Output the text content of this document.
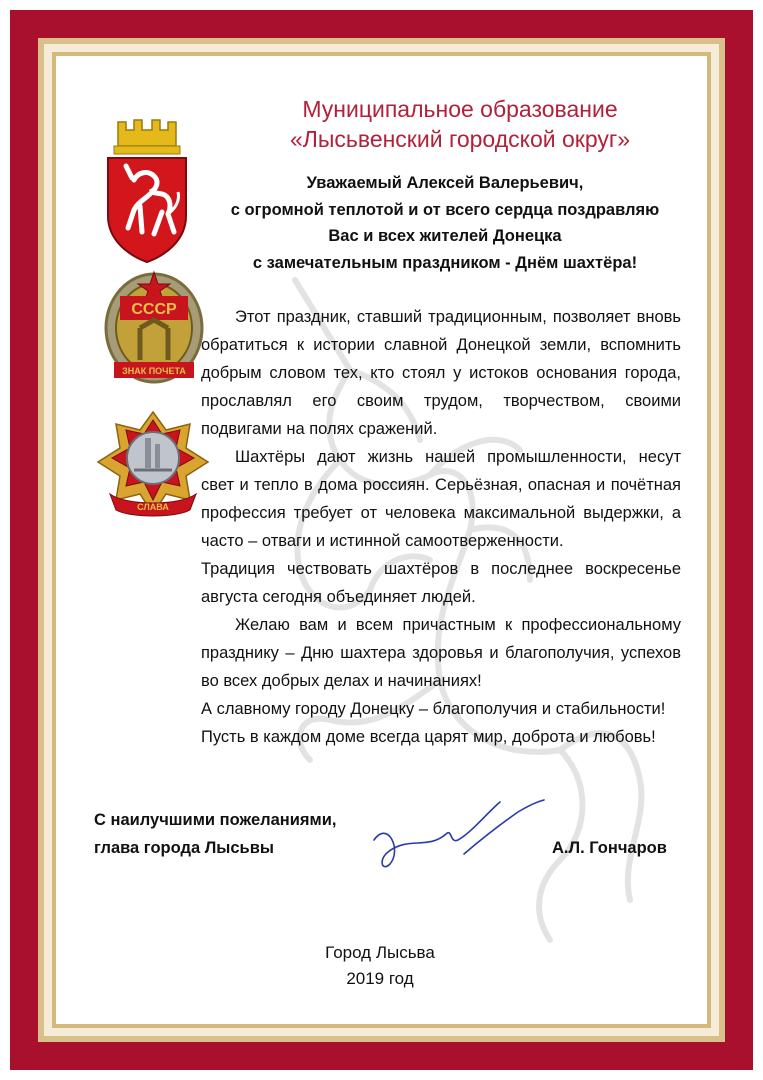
Муниципальное образование
«Лысьвенский городской округ»
СССР
ЗНАК ПОЧЕТА
СЛАВА
Уважаемый Алексей Валерьевич,
с огромной теплотой и от всего сердца поздравляю
Вас и всех жителей Донецка
с замечательным праздником - Днём шахтёра!

Этот праздник, ставший традиционным, позволяет вновь обратиться к истории славной Донецкой земли, вспомнить добрым словом тех, кто стоял у истоков основания города, прославлял его своим трудом, творчеством, своими подвигами на полях сражений.

Шахтёры дают жизнь нашей промышленности, несут свет и тепло в дома россиян. Серьёзная, опасная и почётная профессия требует от человека максимальной выдержки, а часто – отваги и истинной самоотверженности.

Традиция чествовать шахтёров в последнее воскресенье августа сегодня объединяет людей.

Желаю вам и всем причастным к профессиональному празднику – Дню шахтера здоровья и благополучия, успехов во всех добрых делах и начинаниях!

А славному городу Донецку – благополучия и стабильности!

Пусть в каждом доме всегда царят мир, доброта и любовь!

С наилучшими пожеланиями,
глава города Лысьвы	А.Л. Гончаров
Город Лысьва
2019 год
